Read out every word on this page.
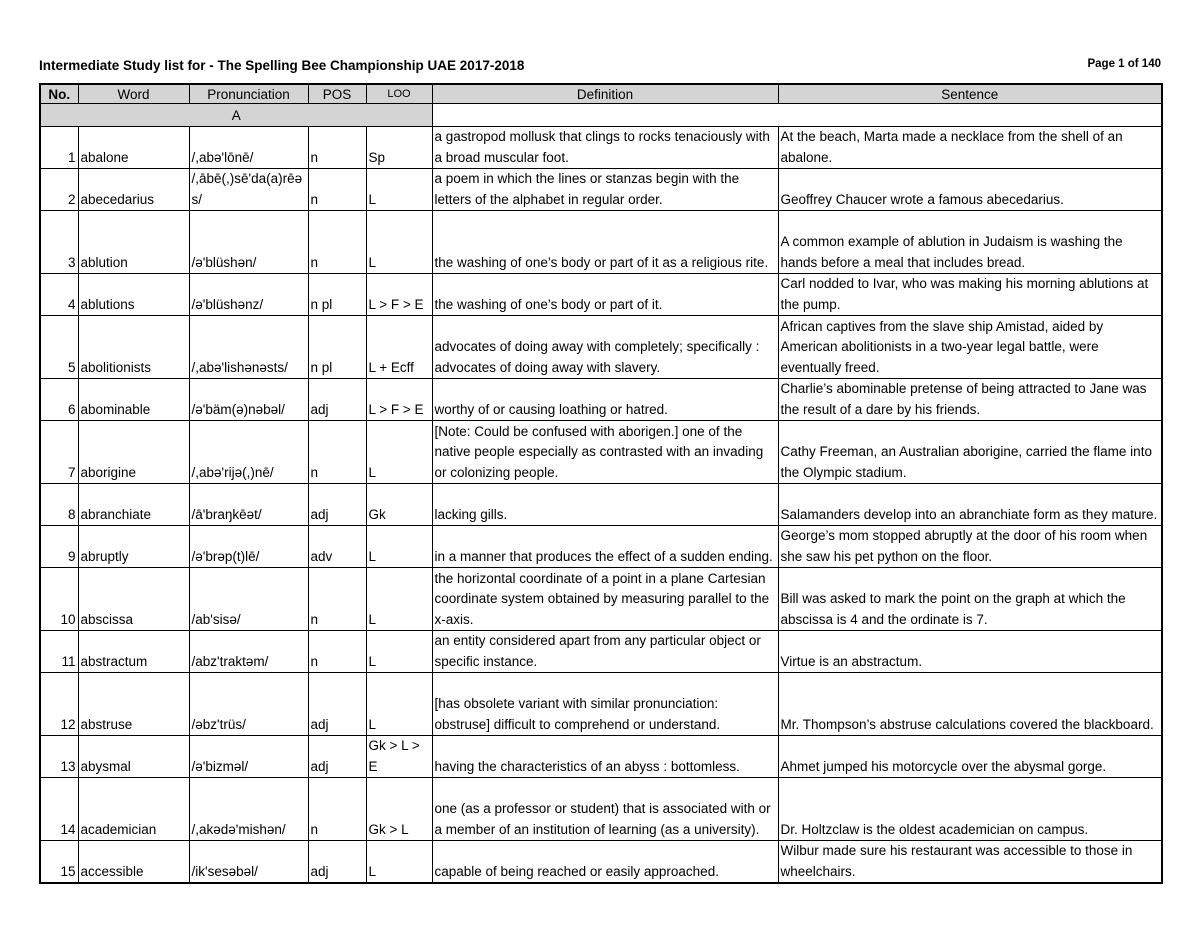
Intermediate Study list for - The Spelling Bee Championship UAE 2017-2018	Page 1 of 140
No.	Word	Pronunciation	POS	LOO	Definition	Sentence
A						
1	abalone	/,abə'lōnē/	n	Sp	a gastropod mollusk that clings to rocks tenaciously with a broad muscular foot.	At the beach, Marta made a necklace from the shell of an abalone.
2	abecedarius	/,ābē(,)sē'da(a)rēəs/	n	L	a poem in which the lines or stanzas begin with the letters of the alphabet in regular order.	Geoffrey Chaucer wrote a famous abecedarius.
3	ablution	/ə'blüshən/	n	L	the washing of one’s body or part of it as a religious rite.	A common example of ablution in Judaism is washing the hands before a meal that includes bread.
4	ablutions	/ə'blüshənz/	n pl	L > F > E	the washing of one’s body or part of it.	Carl nodded to Ivar, who was making his morning ablutions at the pump.
5	abolitionists	/,abə'lishənəsts/	n pl	L + Ecff	advocates of doing away with completely; specifically : advocates of doing away with slavery.	African captives from the slave ship Amistad, aided by American abolitionists in a two-year legal battle, were eventually freed.
6	abominable	/ə'bäm(ə)nəbəl/	adj	L > F > E	worthy of or causing loathing or hatred.	Charlie’s abominable pretense of being attracted to Jane was the result of a dare by his friends.
7	aborigine	/,abə'rijə(,)nē/	n	L	[Note: Could be confused with aborigen.] one of the native people especially as contrasted with an invading or colonizing people.	Cathy Freeman, an Australian aborigine, carried the flame into the Olympic stadium.
8	abranchiate	/ā'braŋkēət/	adj	Gk	lacking gills.	Salamanders develop into an abranchiate form as they mature.
9	abruptly	/ə'brəp(t)lē/	adv	L	in a manner that produces the effect of a sudden ending.	George’s mom stopped abruptly at the door of his room when she saw his pet python on the floor.
10	abscissa	/ab'sisə/	n	L	the horizontal coordinate of a point in a plane Cartesian coordinate system obtained by measuring parallel to the x-axis.	Bill was asked to mark the point on the graph at which the abscissa is 4 and the ordinate is 7.
11	abstractum	/abz'traktəm/	n	L	an entity considered apart from any particular object or specific instance.	Virtue is an abstractum.
12	abstruse	/əbz'trüs/	adj	L	[has obsolete variant with similar pronunciation: obstruse] difficult to comprehend or understand.	Mr. Thompson’s abstruse calculations covered the blackboard.
13	abysmal	/ə'bizməl/	adj	Gk > L > E	having the characteristics of an abyss : bottomless.	Ahmet jumped his motorcycle over the abysmal gorge.
14	academician	/,akədə'mishən/	n	Gk > L	one (as a professor or student) that is associated with or a member of an institution of learning (as a university).	Dr. Holtzclaw is the oldest academician on campus.
15	accessible	/ik'sesəbəl/	adj	L	capable of being reached or easily approached.	Wilbur made sure his restaurant was accessible to those in wheelchairs.
